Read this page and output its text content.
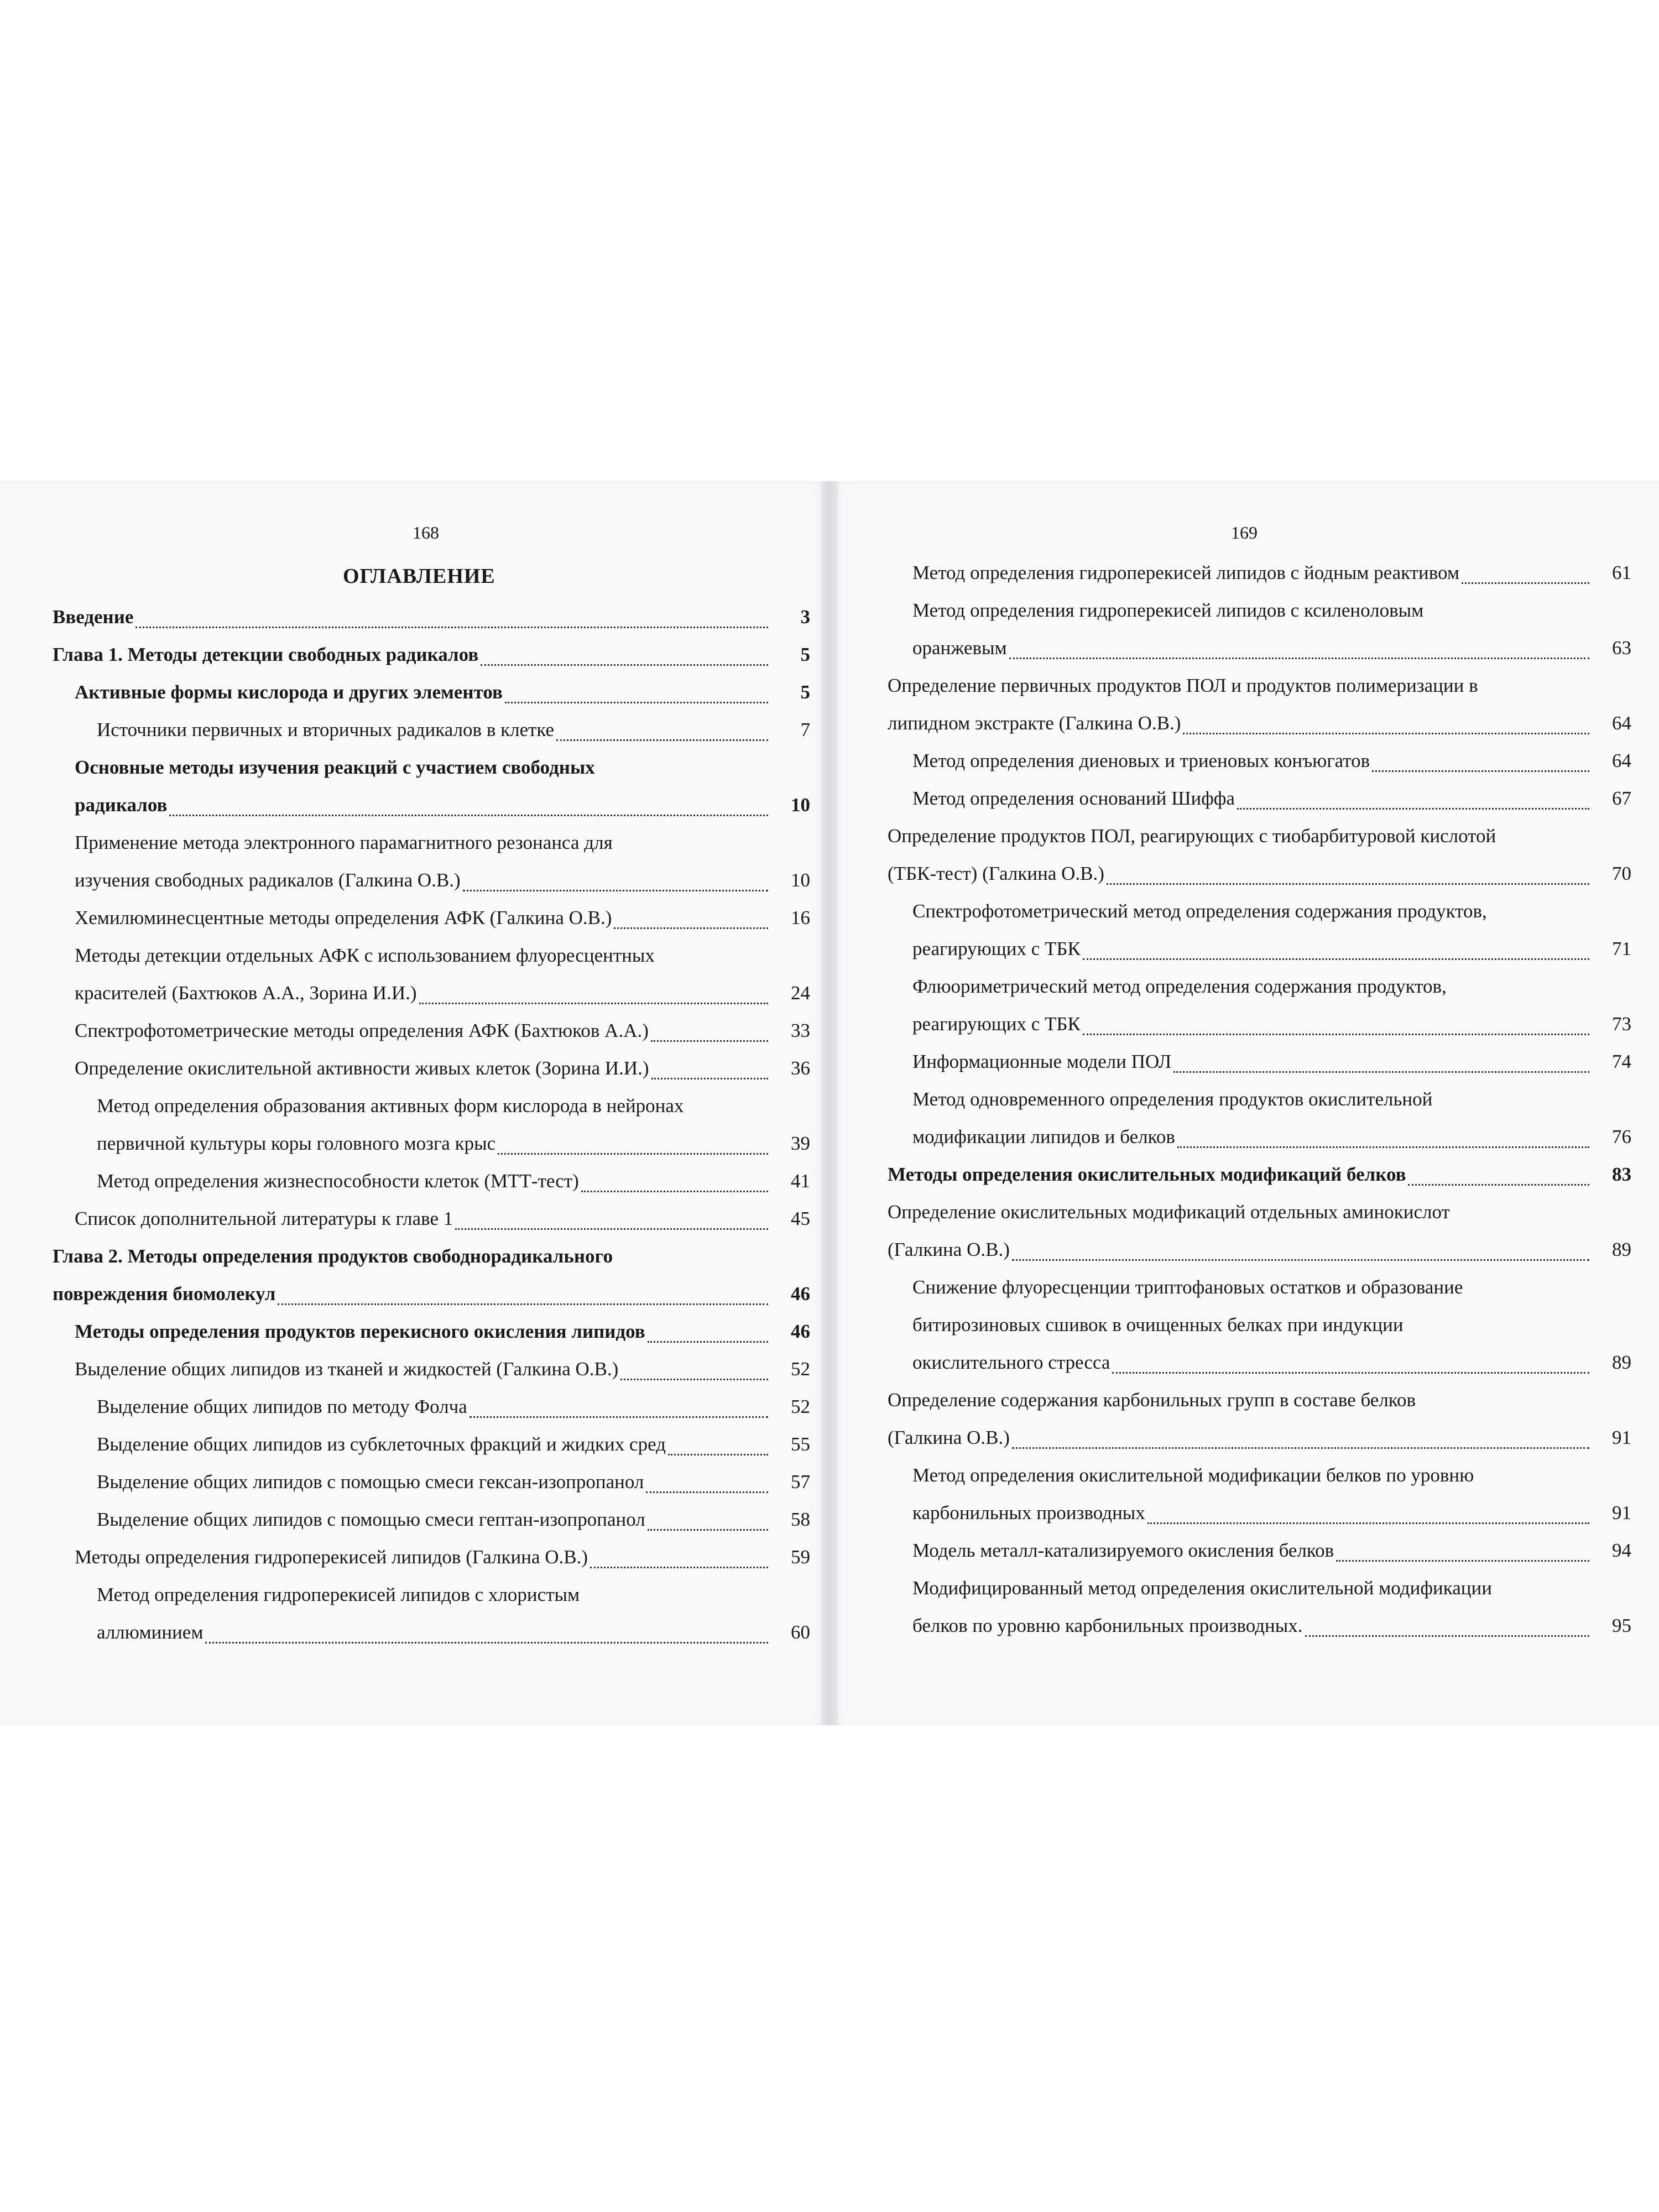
168	169
ОГЛАВЛЕНИЕ
Введение	3
Глава 1. Методы детекции свободных радикалов	5
Активные формы кислорода и других элементов	5
Источники первичных и вторичных радикалов в клетке	7
Основные методы изучения реакций с участием свободных
радикалов	10
Применение метода электронного парамагнитного резонанса для
изучения свободных радикалов (Галкина О.В.)	10
Хемилюминесцентные методы определения АФК (Галкина О.В.)	16
Методы детекции отдельных АФК с использованием флуоресцентных
красителей (Бахтюков А.А., Зорина И.И.)	24
Спектрофотометрические методы определения АФК (Бахтюков А.А.)	33
Определение окислительной активности живых клеток (Зорина И.И.)	36
Метод определения образования активных форм кислорода в нейронах
первичной культуры коры головного мозга крыс	39
Метод определения жизнеспособности клеток (МТТ-тест)	41
Список дополнительной литературы к главе 1	45
Глава 2. Методы определения продуктов свободнорадикального
повреждения биомолекул	46
Методы определения продуктов перекисного окисления липидов	46
Выделение общих липидов из тканей и жидкостей (Галкина О.В.)	52
Выделение общих липидов по методу Фолча	52
Выделение общих липидов из субклеточных фракций и жидких сред	55
Выделение общих липидов с помощью смеси гексан-изопропанол	57
Выделение общих липидов с помощью смеси гептан-изопропанол	58
Методы определения гидроперекисей липидов (Галкина О.В.)	59
Метод определения гидроперекисей липидов с хлористым
аллюминием	60
Метод определения гидроперекисей липидов с йодным реактивом	61
Метод определения гидроперекисей липидов с ксиленоловым
оранжевым	63
Определение первичных продуктов ПОЛ и продуктов полимеризации в
липидном экстракте (Галкина О.В.)	64
Метод определения диеновых и триеновых конъюгатов	64
Метод определения оснований Шиффа	67
Определение продуктов ПОЛ, реагирующих с тиобарбитуровой кислотой
(ТБК-тест) (Галкина О.В.)	70
Спектрофотометрический метод определения содержания продуктов,
реагирующих с ТБК	71
Флюориметрический метод определения содержания продуктов,
реагирующих с ТБК	73
Информационные модели ПОЛ	74
Метод одновременного определения продуктов окислительной
модификации липидов и белков	76
Методы определения окислительных модификаций белков	83
Определение окислительных модификаций отдельных аминокислот
(Галкина О.В.)	89
Снижение флуоресценции триптофановых остатков и образование
битирозиновых сшивок в очищенных белках при индукции
окислительного стресса	89
Определение содержания карбонильных групп в составе белков
(Галкина О.В.)	91
Метод определения окислительной модификации белков по уровню
карбонильных производных	91
Модель металл-катализируемого окисления белков	94
Модифицированный метод определения окислительной модификации
белков по уровню карбонильных производных.	95
